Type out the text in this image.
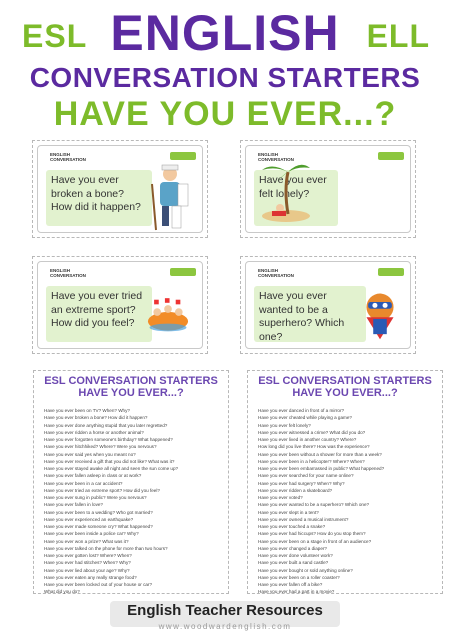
ESL ENGLISH ELL
CONVERSATION STARTERS
HAVE YOU EVER...?
ENGLISH
CONVERSATION
Have you ever broken a bone? How did it happen?
ENGLISH
CONVERSATION
Have you ever felt lonely?
ENGLISH
CONVERSATION
Have you ever tried an extreme sport? How did you feel?
ENGLISH
CONVERSATION
Have you ever wanted to be a superhero? Which one?
ESL CONVERSATION STARTERS
HAVE YOU EVER...?
Have you ever been on TV? When? Why?
Have you ever broken a bone? How did it happen?
Have you ever done anything stupid that you later regretted?
Have you ever ridden a horse or another animal?
Have you ever forgotten someone's birthday? What happened?
Have you ever hitchhiked? Where? Were you nervous?
Have you ever said yes when you meant no?
Have you ever received a gift that you did not like? What was it?
Have you ever stayed awake all night and seen the sun come up?
Have you ever fallen asleep in class or at work?
Have you ever been in a car accident?
Have you ever tried an extreme sport? How did you feel?
Have you ever sung in public? Were you nervous?
Have you ever fallen in love?
Have you ever been to a wedding? Who got married?
Have you ever experienced an earthquake?
Have you ever made someone cry? What happened?
Have you ever been inside a police car? Why?
Have you ever won a prize? What was it?
Have you ever talked on the phone for more than two hours?
Have you ever gotten lost? Where? When?
Have you ever had stitches? When? Why?
Have you ever lied about your age? Why?
Have you ever eaten any really strange food?
Have you ever been locked out of your house or car?
What did you do?
ESL CONVERSATION STARTERS
HAVE YOU EVER...?
Have you ever danced in front of a mirror?
Have you ever cheated while playing a game?
Have you ever felt lonely?
Have you ever witnessed a crime? What did you do?
Have you ever lived in another country? Where?
How long did you live there? How was the experience?
Have you ever been without a shower for more than a week?
Have you ever been in a helicopter? Where? When?
Have you ever been embarrassed in public? What happened?
Have you ever searched for your name online?
Have you ever had surgery? When? Why?
Have you ever ridden a skateboard?
Have you ever voted?
Have you ever wanted to be a superhero? Which one?
Have you ever slept in a tent?
Have you ever owned a musical instrument?
Have you ever touched a snake?
Have you ever had hiccups? How do you stop them?
Have you ever been on a stage in front of an audience?
Have you ever changed a diaper?
Have you ever done volunteer work?
Have you ever built a sand castle?
Have you ever bought or sold anything online?
Have you ever been on a roller coaster?
Have you ever fallen off a bike?
Have you ever had a part in a movie?
English Teacher Resources
www.woodwardenglish.com
